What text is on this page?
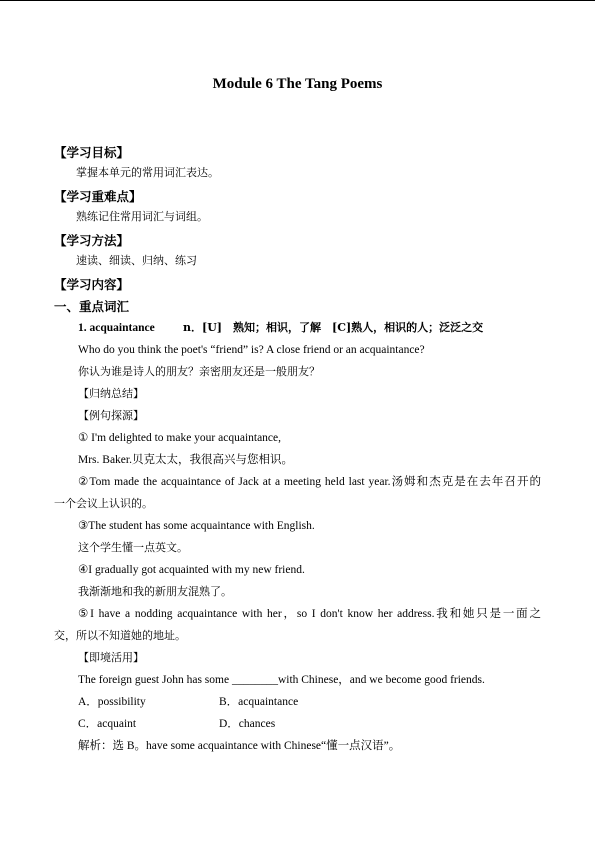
Module 6 The Tang Poems
【学习目标】
掌握本单元的常用词汇表达。
【学习重难点】
熟练记住常用词汇与词组。
【学习方法】
速读、细读、归纳、练习
【学习内容】
一、重点词汇
1. acquaintance	n．[U]　熟知；相识，了解　[C]熟人，相识的人；泛泛之交
Who do you think the poet's “friend” is? A close friend or an acquaintance?
你认为谁是诗人的朋友？亲密朋友还是一般朋友？
【归纳总结】
【例句探源】
① I'm delighted to make your acquaintance,
Mrs. Baker.贝克太太，我很高兴与您相识。
②Tom made the acquaintance of Jack at a meeting held last year.汤姆和杰克是在去年召开的
一个会议上认识的。
③The student has some acquaintance with English.
这个学生懂一点英文。
④I gradually got acquainted with my new friend.
我渐渐地和我的新朋友混熟了。
⑤I have a nodding acquaintance with her，so I don't know her address.我和她只是一面之
交，所以不知道她的地址。
【即境活用】
The foreign guest John has some ________with Chinese，and we become good friends.
A．possibility	B．acquaintance
C．acquaint	D．chances
解析：选 B。have some acquaintance with Chinese“懂一点汉语”。
